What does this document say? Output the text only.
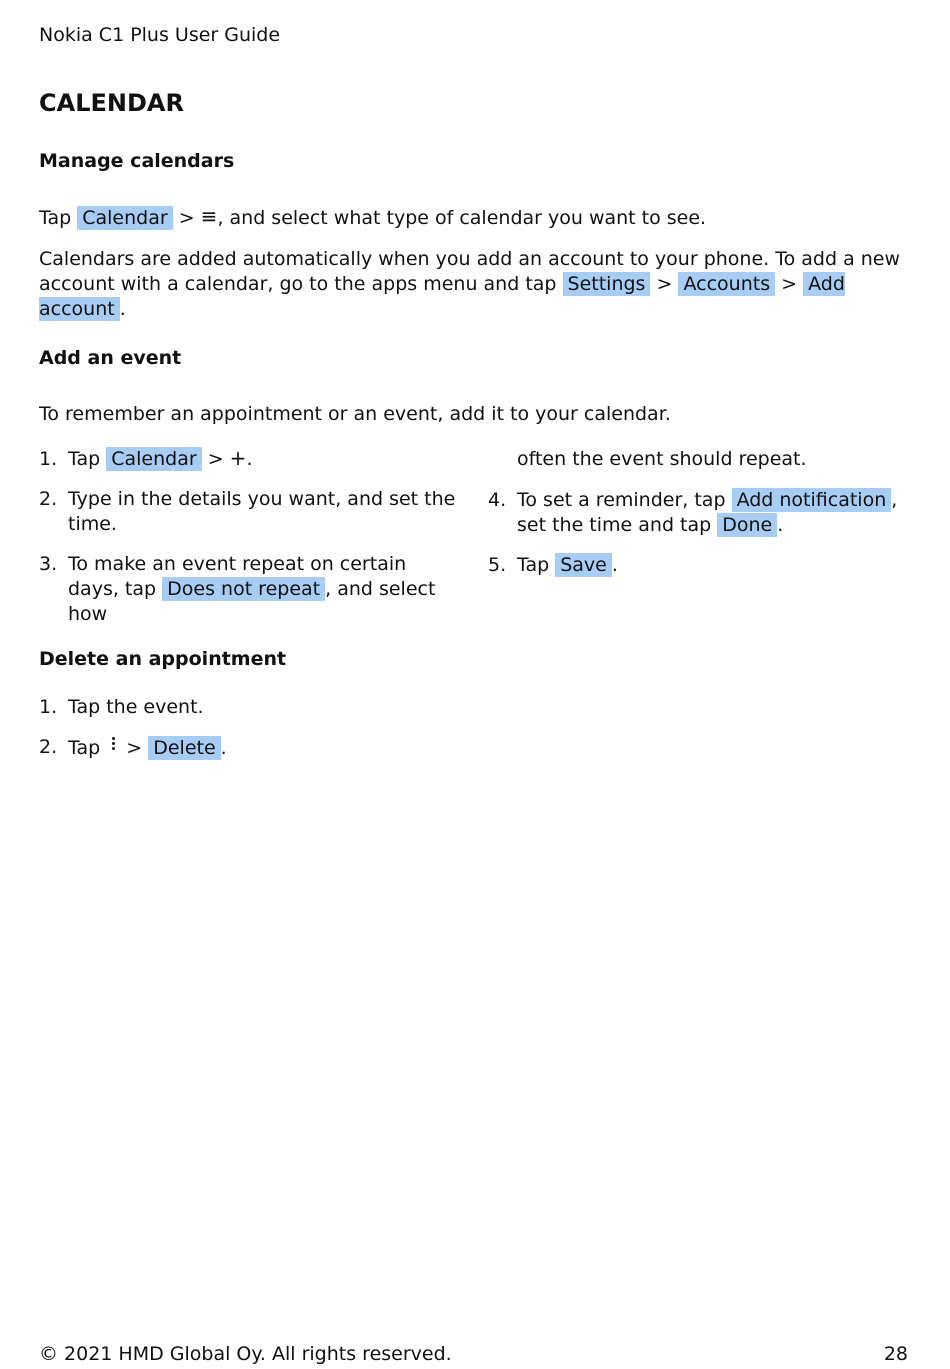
Nokia C1 Plus User Guide
CALENDAR
Manage calendars

Tap Calendar > ≡, and select what type of calendar you want to see.

Calendars are added automatically when you add an account to your phone. To add a new account with a calendar, go to the apps menu and tap Settings > Accounts > Add account .

Add an event

To remember an appointment or an event, add it to your calendar.

1. Tap Calendar > +.
2. Type in the details you want, and set the time.
3. To make an event repeat on certain days, tap Does not repeat , and select how
often the event should repeat.
4. To set a reminder, tap Add notification , set the time and tap Done .
5. Tap Save .
Delete an appointment
1. Tap the event.
2. Tap > Delete .
© 2021 HMD Global Oy. All rights reserved.	28
